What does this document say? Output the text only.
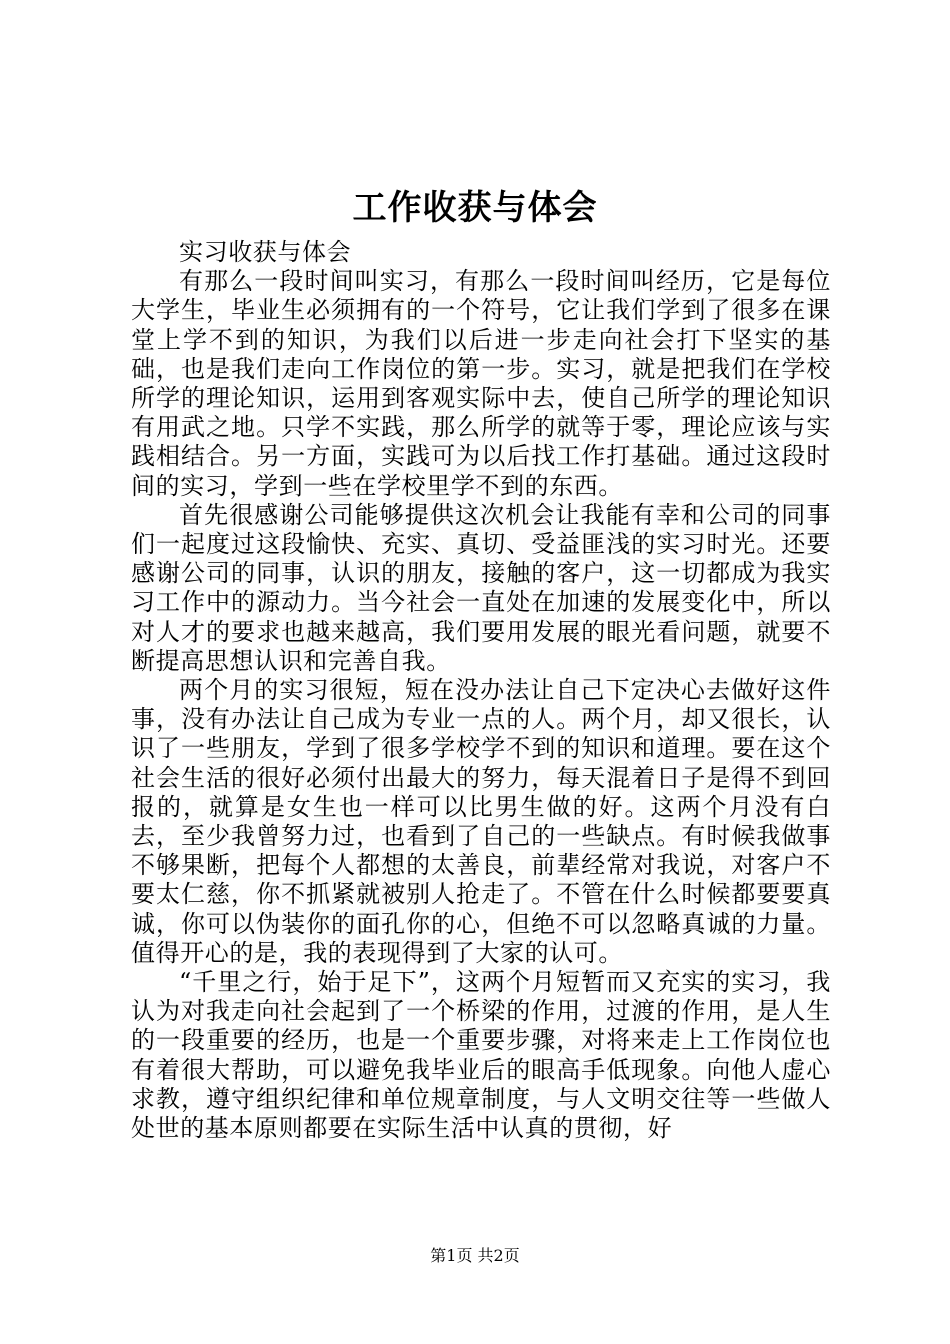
工作收获与体会

实习收获与体会

有那么一段时间叫实习，有那么一段时间叫经历，它是每位大学生，毕业生必须拥有的一个符号，它让我们学到了很多在课堂上学不到的知识，为我们以后进一步走向社会打下坚实的基础，也是我们走向工作岗位的第一步。实习，就是把我们在学校所学的理论知识，运用到客观实际中去，使自己所学的理论知识有用武之地。只学不实践，那么所学的就等于零，理论应该与实践相结合。另一方面，实践可为以后找工作打基础。通过这段时间的实习，学到一些在学校里学不到的东西。

首先很感谢公司能够提供这次机会让我能有幸和公司的同事们一起度过这段愉快、充实、真切、受益匪浅的实习时光。还要感谢公司的同事，认识的朋友，接触的客户，这一切都成为我实习工作中的源动力。当今社会一直处在加速的发展变化中，所以对人才的要求也越来越高，我们要用发展的眼光看问题，就要不断提高思想认识和完善自我。

两个月的实习很短，短在没办法让自己下定决心去做好这件事，没有办法让自己成为专业一点的人。两个月，却又很长，认识了一些朋友，学到了很多学校学不到的知识和道理。要在这个社会生活的很好必须付出最大的努力，每天混着日子是得不到回报的，就算是女生也一样可以比男生做的好。这两个月没有白去，至少我曾努力过，也看到了自己的一些缺点。有时候我做事不够果断，把每个人都想的太善良，前辈经常对我说，对客户不要太仁慈，你不抓紧就被别人抢走了。不管在什么时候都要要真诚，你可以伪装你的面孔你的心，但绝不可以忽略真诚的力量。值得开心的是，我的表现得到了大家的认可。

“千里之行，始于足下”，这两个月短暂而又充实的实习，我认为对我走向社会起到了一个桥梁的作用，过渡的作用，是人生的一段重要的经历，也是一个重要步骤，对将来走上工作岗位也有着很大帮助，可以避免我毕业后的眼高手低现象。向他人虚心求教，遵守组织纪律和单位规章制度，与人文明交往等一些做人处世的基本原则都要在实际生活中认真的贯彻，好

第1页 共2页
